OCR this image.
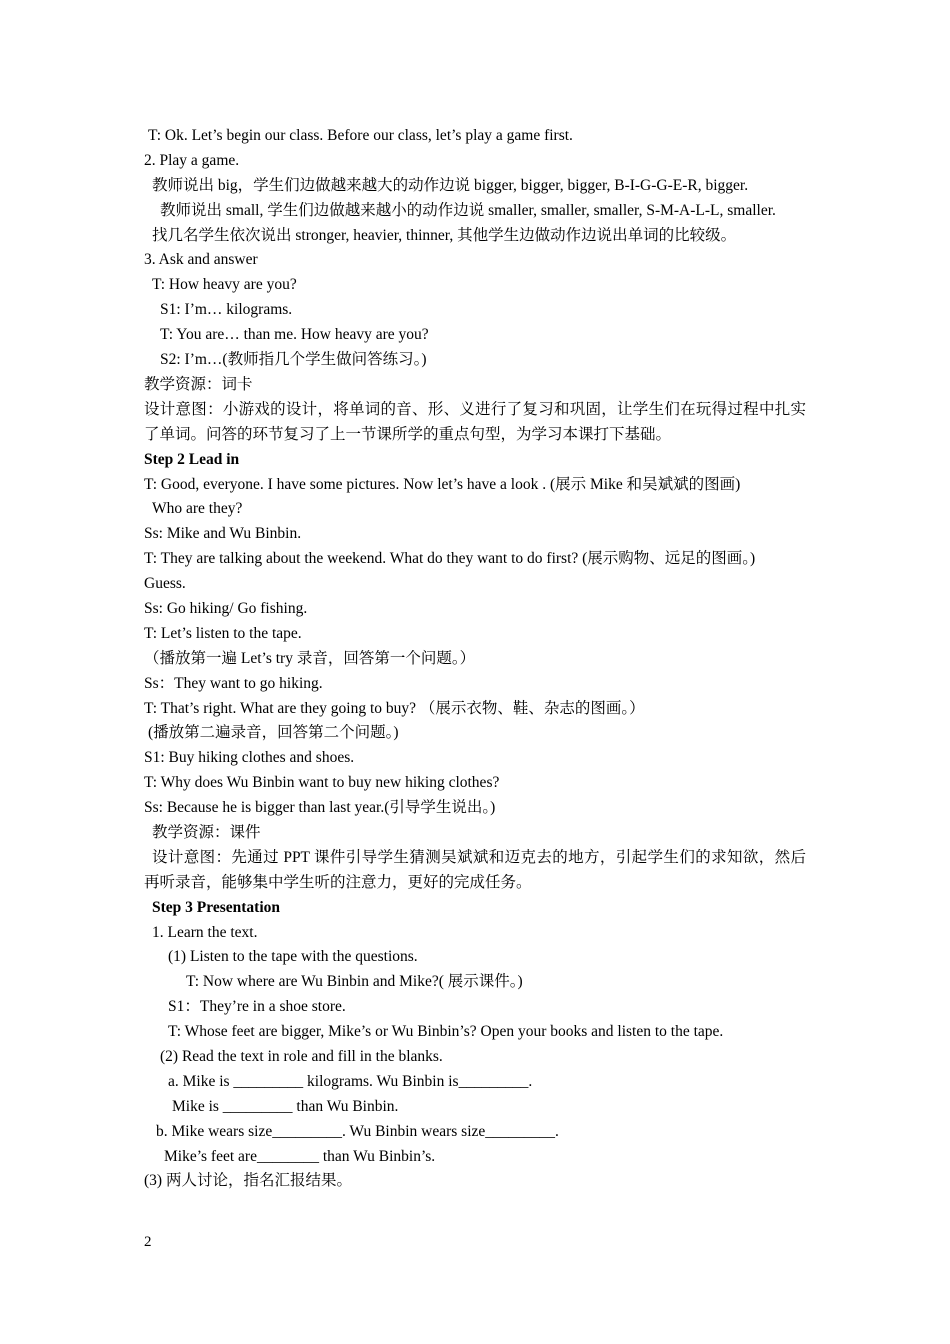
T: Ok. Let’s begin our class. Before our class, let’s play a game first.
2. Play a game.
教师说出 big，学生们边做越来越大的动作边说 bigger, bigger, bigger, B-I-G-G-E-R, bigger.
教师说出 small, 学生们边做越来越小的动作边说 smaller, smaller, smaller, S-M-A-L-L, smaller.
找几名学生依次说出 stronger, heavier, thinner, 其他学生边做动作边说出单词的比较级。
3. Ask and answer
T: How heavy are you?
S1: I’m… kilograms.
T: You are… than me. How heavy are you?
S2: I’m…(教师指几个学生做问答练习。)
教学资源：词卡
设计意图：小游戏的设计，将单词的音、形、义进行了复习和巩固，让学生们在玩得过程中扎实了单词。问答的环节复习了上一节课所学的重点句型，为学习本课打下基础。
Step 2 Lead in
T: Good, everyone. I have some pictures. Now let’s have a look . (展示 Mike 和吴斌斌的图画)
Who are they?
Ss: Mike and Wu Binbin.
T: They are talking about the weekend. What do they want to do first? (展示购物、远足的图画。)
Guess.
Ss: Go hiking/ Go fishing.
T: Let’s listen to the tape.
（播放第一遍 Let’s try 录音，回答第一个问题。）
Ss：They want to go hiking.
T: That’s right. What are they going to buy? （展示衣物、鞋、杂志的图画。）
(播放第二遍录音，回答第二个问题。)
S1: Buy hiking clothes and shoes.
T: Why does Wu Binbin want to buy new hiking clothes?
Ss: Because he is bigger than last year.(引导学生说出。)
教学资源：课件
设计意图：先通过 PPT 课件引导学生猜测吴斌斌和迈克去的地方，引起学生们的求知欲，然后再听录音，能够集中学生听的注意力，更好的完成任务。
Step 3 Presentation
1. Learn the text.
(1) Listen to the tape with the questions.
T: Now where are Wu Binbin and Mike?( 展示课件。)
S1：They’re in a shoe store.
T: Whose feet are bigger, Mike’s or Wu Binbin’s? Open your books and listen to the tape.
(2) Read the text in role and fill in the blanks.
a. Mike is _________ kilograms. Wu Binbin is_________.
Mike is _________ than Wu Binbin.
b. Mike wears size_________. Wu Binbin wears size_________.
Mike’s feet are________ than Wu Binbin’s.
(3) 两人讨论，指名汇报结果。
2
